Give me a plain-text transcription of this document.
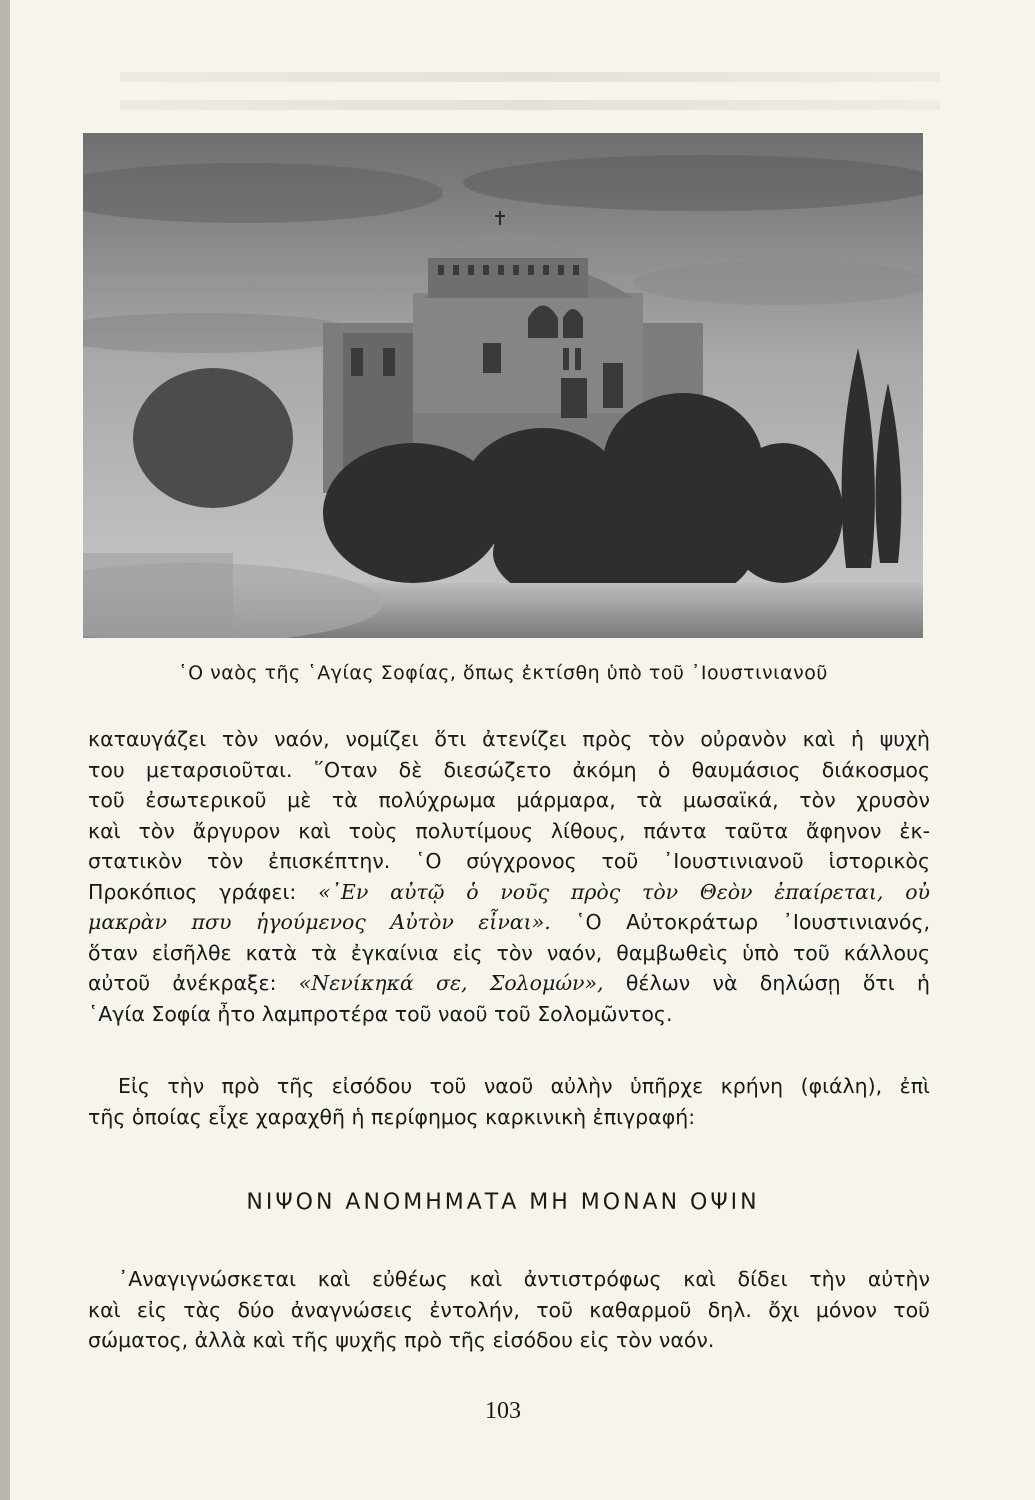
῾Ο ναὸς τῆς ῾Αγίας Σοφίας, ὅπως ἐκτίσθη ὑπὸ τοῦ ᾿Ιουστινιανοῦ
καταυγάζει τὸν ναόν, νομίζει ὅτι ἀτενίζει πρὸς τὸν οὐρανὸν καὶ ἡ ψυχὴ
του μεταρσιοῦται. ῞Οταν δὲ διεσώζετο ἀκόμη ὁ θαυμάσιος διάκοσμος
τοῦ ἐσωτερικοῦ μὲ τὰ πολύχρωμα μάρμαρα, τὰ μωσαϊκά, τὸν χρυσὸν
καὶ τὸν ἄργυρον καὶ τοὺς πολυτίμους λίθους, πάντα ταῦτα ἄφηνον ἐκ-
στατικὸν τὸν ἐπισκέπτην. ῾Ο σύγχρονος τοῦ ᾿Ιουστινιανοῦ ἱστορικὸς
Προκόπιος γράφει: «᾿Εν αὐτῷ ὁ νοῦς πρὸς τὸν Θεὸν ἐπαίρεται, οὐ
μακρὰν πσυ ἡγούμενος Αὐτὸν εἶναι». ῾Ο Αὐτοκράτωρ ᾿Ιουστινιανός,
ὅταν εἰσῆλθε κατὰ τὰ ἐγκαίνια εἰς τὸν ναόν, θαμβωθεὶς ὑπὸ τοῦ κάλλους
αὐτοῦ ἀνέκραξε: «Νενίκηκά σε, Σολομών», θέλων νὰ δηλώσῃ ὅτι ἡ
῾Αγία Σοφία ἦτο λαμπροτέρα τοῦ ναοῦ τοῦ Σολομῶντος.
Εἰς τὴν πρὸ τῆς εἰσόδου τοῦ ναοῦ αὐλὴν ὑπῆρχε κρήνη (φιάλη), ἐπὶ
τῆς ὁποίας εἶχε χαραχθῆ ἡ περίφημος καρκινικὴ ἐπιγραφή:
ΝΙΨΟΝ ΑΝΟΜΗΜΑΤΑ ΜΗ ΜΟΝΑΝ ΟΨΙΝ
᾿Αναγιγνώσκεται καὶ εὐθέως καὶ ἀντιστρόφως καὶ δίδει τὴν αὐτὴν
καὶ εἰς τὰς δύο ἀναγνώσεις ἐντολήν, τοῦ καθαρμοῦ δηλ. ὄχι μόνον τοῦ
σώματος, ἀλλὰ καὶ τῆς ψυχῆς πρὸ τῆς εἰσόδου εἰς τὸν ναόν.
103
